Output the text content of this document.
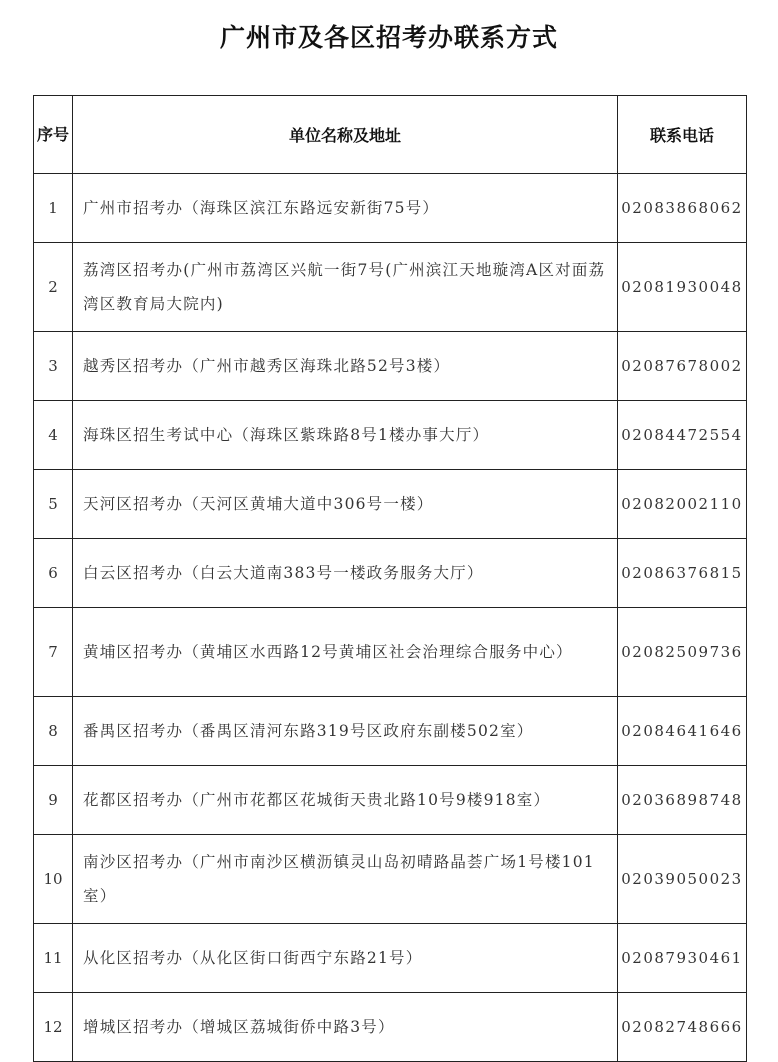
广州市及各区招考办联系方式
序号	单位名称及地址	联系电话
1	广州市招考办（海珠区滨江东路远安新街75号）	02083868062
2	荔湾区招考办(广州市荔湾区兴航一街7号(广州滨江天地璇湾A区对面荔湾区教育局大院内)	02081930048
3	越秀区招考办（广州市越秀区海珠北路52号3楼）	02087678002
4	海珠区招生考试中心（海珠区紫珠路8号1楼办事大厅）	02084472554
5	天河区招考办（天河区黄埔大道中306号一楼）	02082002110
6	白云区招考办（白云大道南383号一楼政务服务大厅）	02086376815
7	黄埔区招考办（黄埔区水西路12号黄埔区社会治理综合服务中心）	02082509736
8	番禺区招考办（番禺区清河东路319号区政府东副楼502室）	02084641646
9	花都区招考办（广州市花都区花城街天贵北路10号9楼918室）	02036898748
10	南沙区招考办（广州市南沙区横沥镇灵山岛初晴路晶荟广场1号楼101室）	02039050023
11	从化区招考办（从化区街口街西宁东路21号）	02087930461
12	增城区招考办（增城区荔城街侨中路3号）	02082748666
